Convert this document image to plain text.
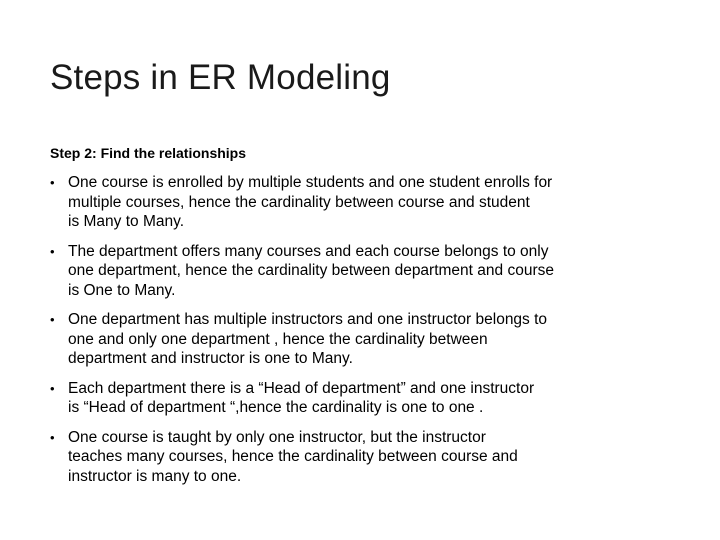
Steps in ER Modeling
Step 2: Find the relationships
• One course is enrolled by multiple students and one student enrolls for
multiple courses, hence the cardinality between course and student
is Many to Many.
• The department offers many courses and each course belongs to only
one department, hence the cardinality between department and course
is One to Many.
• One department has multiple instructors and one instructor belongs to
one and only one department , hence the cardinality between
department and instructor is one to Many.
• Each department there is a “Head of department” and one instructor
is “Head of department “,hence the cardinality is one to one .
• One course is taught by only one instructor, but the instructor
teaches many courses, hence the cardinality between course and
instructor is many to one.
